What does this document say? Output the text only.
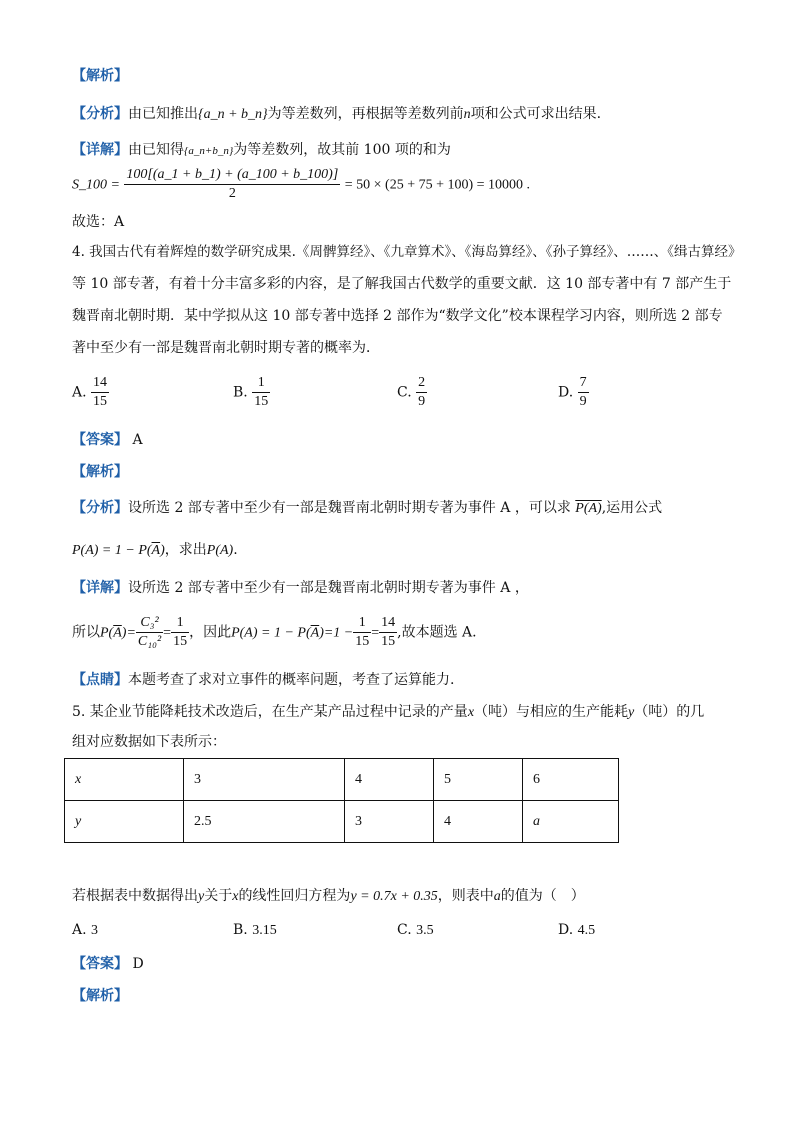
【解析】
【分析】由已知推出{a_n + b_n}为等差数列，再根据等差数列前n项和公式可求出结果.
【详解】由已知得{a_n+b_n}为等差数列，故其前 100 项的和为
S_100 = $\frac{100[(a\_1 + b\_1) + (a\_100 + b\_100)]}{2} = 50 \times (25 + 75 + 100) = 10000$ .
故选：A
4. 我国古代有着辉煌的数学研究成果.《周髀算经》、《九章算术》、《海岛算经》、《孙子算经》、……、《缉古算经》
等 10 部专著，有着十分丰富多彩的内容，是了解我国古代数学的重要文献．这 10 部专著中有 7 部产生于
魏晋南北朝时期．某中学拟从这 10 部专著中选择 2 部作为“数学文化”校本课程学习内容，则所选 2 部专
著中至少有一部是魏晋南北朝时期专著的概率为．
A. $\frac{14}{15}$	B. $\frac{1}{15}$	C. $\frac{2}{9}$	D. $\frac{7}{9}$
【答案】 A
【解析】
【分析】设所选 2 部专著中至少有一部是魏晋南北朝时期专著为事件 A ，可以求 P(A),运用公式
$P(A) = 1 - P(\overline{A})$，求出P(A).
【详解】设所选 2 部专著中至少有一部是魏晋南北朝时期专著为事件 A ，
所以$P(\overline{A})= \frac{\text{C₃²}}{\text{C₁₀²}} = \frac{1}{15}$ ，因此$P(A) = 1 - P(\overline{A})=1 - \frac{1}{15} = \frac{14}{15}$ ,故本题选 A.
【点睛】本题考查了求对立事件的概率问题，考查了运算能力.
5. 某企业节能降耗技术改造后，在生产某产品过程中记录的产量x（吨）与相应的生产能耗y（吨）的几
组对应数据如下表所示：
x	3	4	5	6
y	2.5	3	4	a
若根据表中数据得出y关于x的线性回归方程为y = 0.7x + 0.35，则表中a的值为（　）
A. 3	B. 3.15	C. 3.5	D. 4.5
【答案】 D
【解析】
